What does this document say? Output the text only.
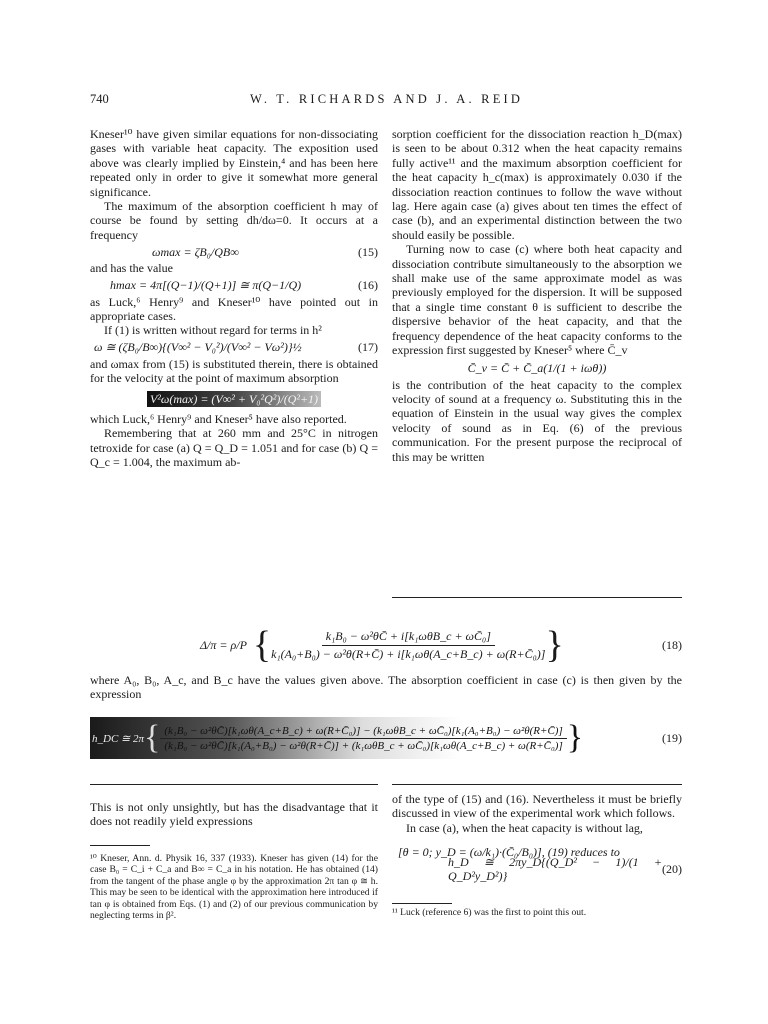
740	W. T. RICHARDS AND J. A. REID

Kneser¹⁰ have given similar equations for non-dissociating gases with variable heat capacity. The exposition used above was clearly implied by Einstein,⁴ and has been here repeated only in order to give it somewhat more general significance.

The maximum of the absorption coefficient h may of course be found by setting dh/dω=0. It occurs at a frequency

ωmax = ζB₀/QB∞	(15)

and has the value

hmax = 4π[(Q−1)/(Q+1)] ≅ π(Q−1/Q)	(16)

as Luck,⁶ Henry⁹ and Kneser¹⁰ have pointed out in appropriate cases.

If (1) is written without regard for terms in h²

ω ≅ (ζB₀/B∞){(V∞² − V₀²)/(V∞² − Vω²)}½	(17)

and ωmax from (15) is substituted therein, there is obtained for the velocity at the point of maximum absorption

V²ω(max) = (V∞² + V₀²Q²)/(Q²+1)

which Luck,⁶ Henry⁹ and Kneser⁵ have also reported.

Remembering that at 260 mm and 25°C in nitrogen tetroxide for case (a) Q = Q_D = 1.051 and for case (b) Q = Q_c = 1.004, the maximum ab-

sorption coefficient for the dissociation reaction h_D(max) is seen to be about 0.312 when the heat capacity remains fully active¹¹ and the maximum absorption coefficient for the heat capacity h_c(max) is approximately 0.030 if the dissociation reaction continues to follow the wave without lag. Here again case (a) gives about ten times the effect of case (b), and an experimental distinction between the two should easily be possible.

Turning now to case (c) where both heat capacity and dissociation contribute simultaneously to the absorption we shall make use of the same approximate model as was previously employed for the dispersion. It will be supposed that a single time constant θ is sufficient to describe the dispersive behavior of the heat capacity, and that the frequency dependence of the heat capacity conforms to the expression first suggested by Kneser⁵ where C̄_v

C̄_v = C̄ + C̄_a(1/(1 + iωθ))

is the contribution of the heat capacity to the complex velocity of sound at a frequency ω. Substituting this in the equation of Einstein in the usual way gives the complex velocity of sound as in Eq. (6) of the previous communication. For the present purpose the reciprocal of this may be written

Δ/π = ρ/P { $\frac{\text{k₁B₀ − ω²θC̄ + i[k₁ωθB\_c + ωC̄₀]}}{\text{k₁(A₀+B₀) − ω²θ(R+C̄) + i[k₁ωθ(A\_c+B\_c) + ω(R+C̄₀)]}}$ }	(18)
where A₀, B₀, A_c, and B_c have the values given above. The absorption coefficient in case (c) is then given by the expression
h_DC ≅ 2π { (k₁B₀ − ω²θC̄)[k₁ωθ(A_c+B_c) + ω(R+C̄₀)] − (k₁ωθB_c + ωC̄₀)[k₁(A₀+B₀) − ω²θ(R+C̄)]
(k₁B₀ − ω²θC̄)[k₁(A₀+B₀) − ω²θ(R+C̄)] + (k₁ωθB_c + ωC̄₀)[k₁ωθ(A_c+B_c) + ω(R+C̄₀)] }	(19)

This is not only unsightly, but has the disadvantage that it does not readily yield expressions

¹⁰ Kneser, Ann. d. Physik 16, 337 (1933). Kneser has given (14) for the case B₀ = C_i + C_a and B∞ = C_a in his notation. He has obtained (14) from the tangent of the phase angle φ by the approximation 2π tan φ ≅ h. This may be seen to be identical with the approximation here introduced if tan φ is obtained from Eqs. (1) and (2) of our previous communication by neglecting terms in β².

of the type of (15) and (16). Nevertheless it must be briefly discussed in view of the experimental work which follows.

In case (a), when the heat capacity is without lag,

[θ = 0; y_D = (ω/k₁)·(C̄₀/B₀)], (19) reduces to
h_D ≅ 2πy_D{(Q_D² − 1)/(1 + Q_D²y_D²)}
(20)
¹¹ Luck (reference 6) was the first to point this out.
